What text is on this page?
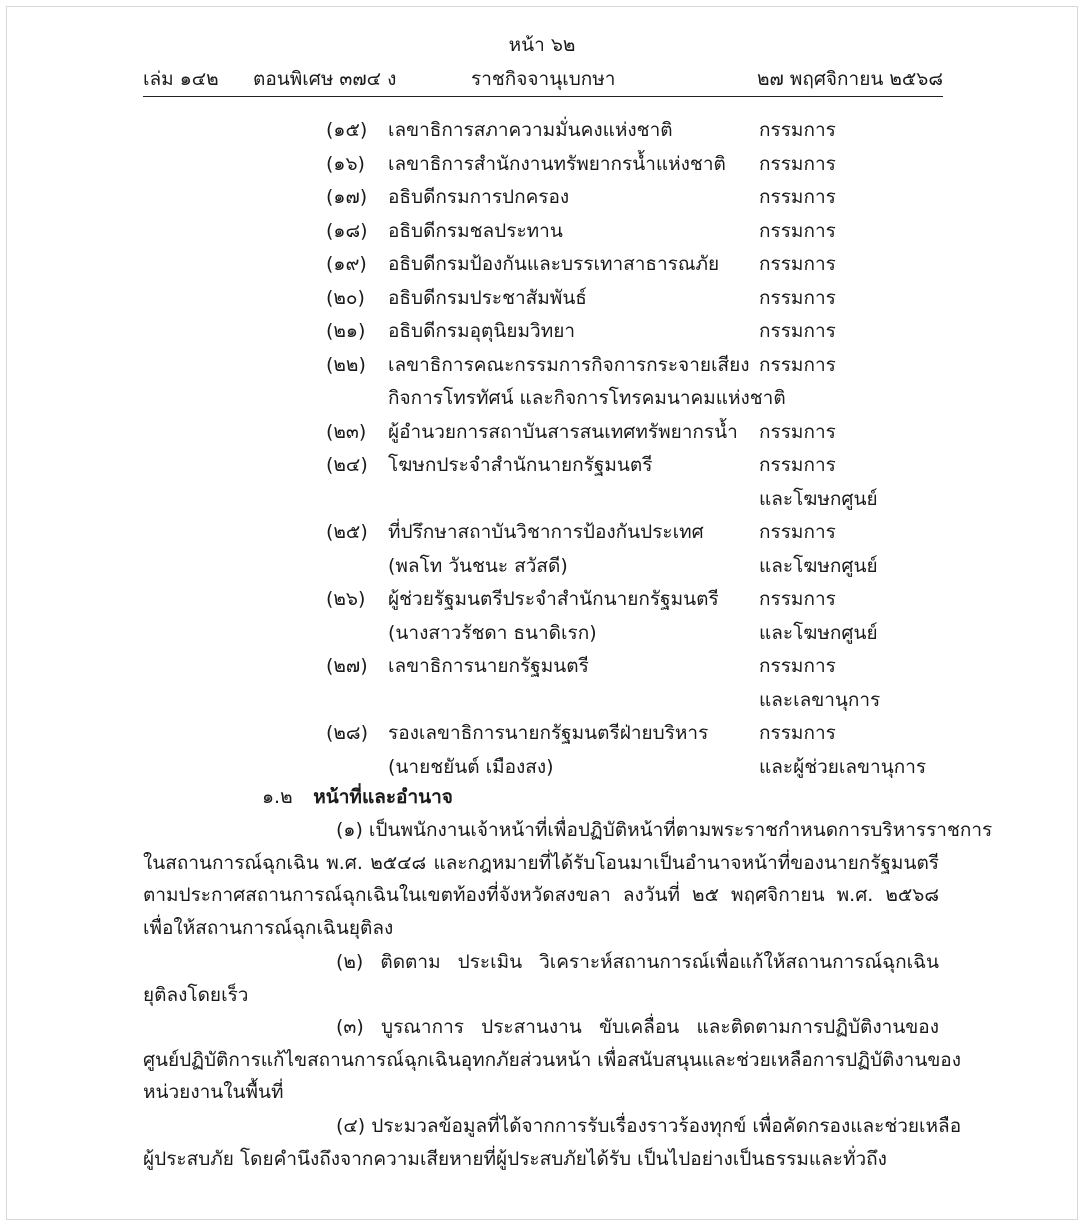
หน้า ๖๒
เล่ม ๑๔๒ ตอนพิเศษ ๓๗๔ ง	ราชกิจจานุเบกษา	๒๗ พฤศจิกายน ๒๕๖๘
(๑๕) เลขาธิการสภาความมั่นคงแห่งชาติ	กรรมการ
(๑๖) เลขาธิการสำนักงานทรัพยากรน้ำแห่งชาติ กรรมการ
(๑๗) อธิบดีกรมการปกครอง	กรรมการ
(๑๘) อธิบดีกรมชลประทาน	กรรมการ
(๑๙) อธิบดีกรมป้องกันและบรรเทาสาธารณภัย กรรมการ
(๒๐) อธิบดีกรมประชาสัมพันธ์	กรรมการ
(๒๑) อธิบดีกรมอุตุนิยมวิทยา	กรรมการ
(๒๒) เลขาธิการคณะกรรมการกิจการกระจายเสียง กรรมการ
กิจการโทรทัศน์ และกิจการโทรคมนาคมแห่งชาติ
(๒๓) ผู้อำนวยการสถาบันสารสนเทศทรัพยากรน้ำ กรรมการ
(๒๔) โฆษกประจำสำนักนายกรัฐมนตรี	กรรมการ
และโฆษกศูนย์
(๒๕) ที่ปรึกษาสถาบันวิชาการป้องกันประเทศ	กรรมการ
(พลโท วันชนะ สวัสดี)	และโฆษกศูนย์
(๒๖) ผู้ช่วยรัฐมนตรีประจำสำนักนายกรัฐมนตรี กรรมการ
(นางสาวรัชดา ธนาดิเรก)	และโฆษกศูนย์
(๒๗) เลขาธิการนายกรัฐมนตรี	กรรมการ
และเลขานุการ
(๒๘) รองเลขาธิการนายกรัฐมนตรีฝ่ายบริหาร	กรรมการ
(นายชยันต์ เมืองสง)	และผู้ช่วยเลขานุการ
๑.๒ หน้าที่และอำนาจ
(๑) เป็นพนักงานเจ้าหน้าที่เพื่อปฏิบัติหน้าที่ตามพระราชกำหนดการบริหารราชการ
ในสถานการณ์ฉุกเฉิน พ.ศ. ๒๕๔๘ และกฎหมายที่ได้รับโอนมาเป็นอำนาจหน้าที่ของนายกรัฐมนตรี
ตามประกาศสถานการณ์ฉุกเฉินในเขตท้องที่จังหวัดสงขลา ลงวันที่ ๒๕ พฤศจิกายน พ.ศ. ๒๕๖๘
เพื่อให้สถานการณ์ฉุกเฉินยุติลง
(๒) ติดตาม ประเมิน วิเคราะห์สถานการณ์เพื่อแก้ให้สถานการณ์ฉุกเฉิน
ยุติลงโดยเร็ว
(๓) บูรณาการ ประสานงาน ขับเคลื่อน และติดตามการปฏิบัติงานของ
ศูนย์ปฏิบัติการแก้ไขสถานการณ์ฉุกเฉินอุทกภัยส่วนหน้า เพื่อสนับสนุนและช่วยเหลือการปฏิบัติงานของ
หน่วยงานในพื้นที่
(๔) ประมวลข้อมูลที่ได้จากการรับเรื่องราวร้องทุกข์ เพื่อคัดกรองและช่วยเหลือ
ผู้ประสบภัย โดยคำนึงถึงจากความเสียหายที่ผู้ประสบภัยได้รับ เป็นไปอย่างเป็นธรรมและทั่วถึง
